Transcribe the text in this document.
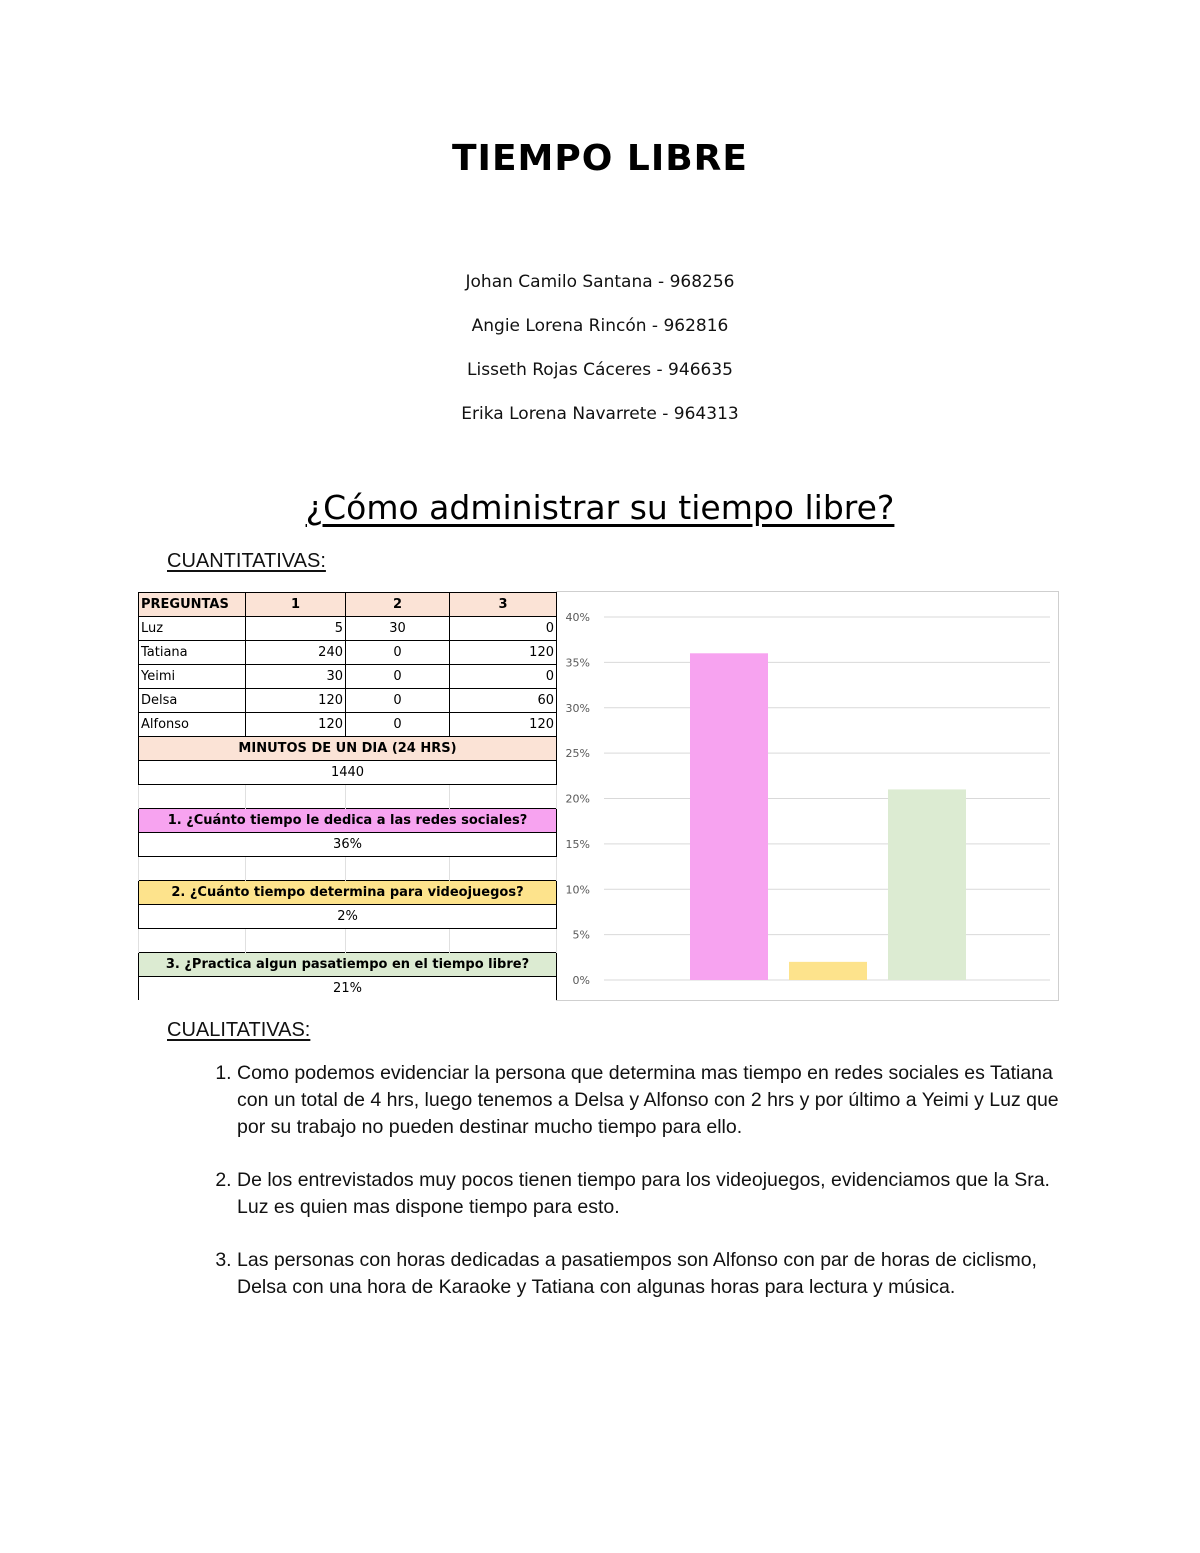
TIEMPO LIBRE
Johan Camilo Santana - 968256
Angie Lorena Rincón - 962816
Lisseth Rojas Cáceres - 946635
Erika Lorena Navarrete - 964313
¿Cómo administrar su tiempo libre?
CUANTITATIVAS:
PREGUNTAS	1	2	3
Luz	5	30	0
Tatiana	240	0	120
Yeimi	30	0	0
Delsa	120	0	60
Alfonso	120	0	120
MINUTOS DE UN DIA (24 HRS)			
1440			

1. ¿Cuánto tiempo le dedica a las redes sociales?			
36%			

2. ¿Cuánto tiempo determina para videojuegos?			
2%			

3. ¿Practica algun pasatiempo en el tiempo libre?			
21%			
0%
5%
10%
15%
20%
25%
30%
35%
40%
CUALITATIVAS:
1. Como podemos evidenciar la persona que determina mas tiempo en redes sociales es Tatiana con un total de 4 hrs, luego tenemos a Delsa y Alfonso con 2 hrs y por último a Yeimi y Luz que por su trabajo no pueden destinar mucho tiempo para ello.
2. De los entrevistados muy pocos tienen tiempo para los videojuegos, evidenciamos que la Sra. Luz es quien mas dispone tiempo para esto.
3. Las personas con horas dedicadas a pasatiempos son Alfonso con par de horas de ciclismo, Delsa con una hora de Karaoke y Tatiana con algunas horas para lectura y música.
